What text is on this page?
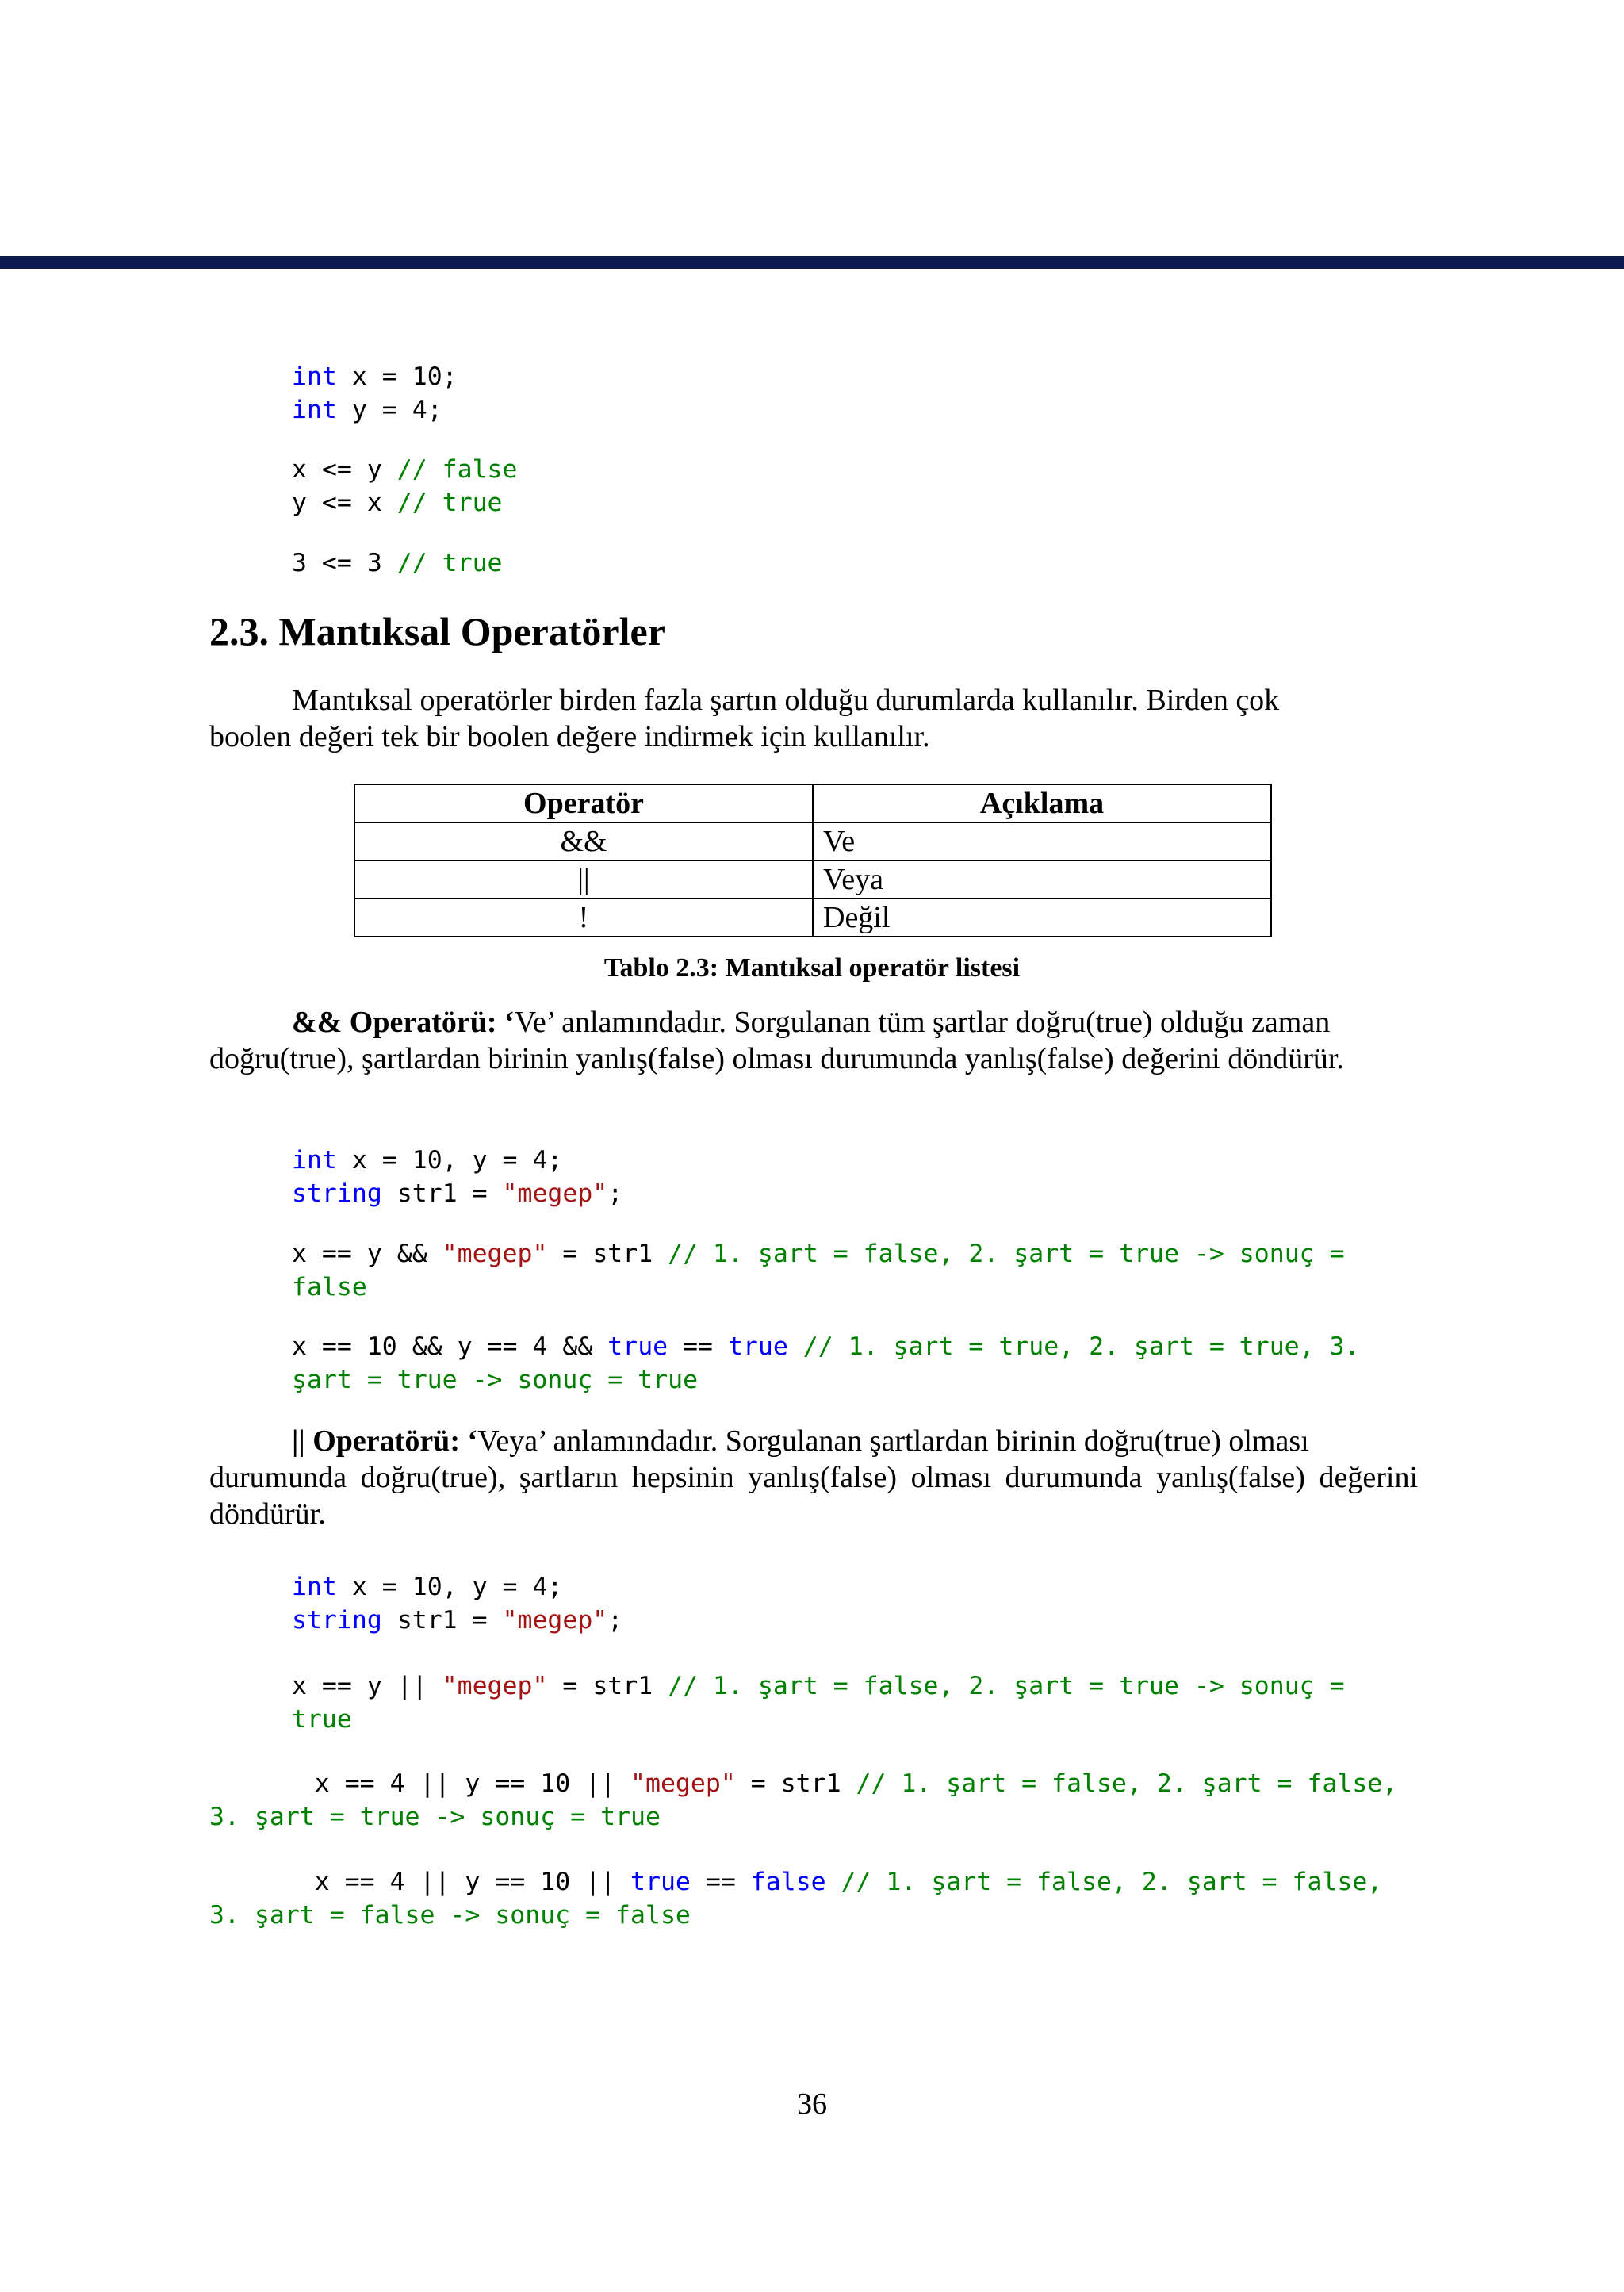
int x = 10;
int y = 4;
x <= y // false
y <= x // true
3 <= 3 // true
2.3. Mantıksal Operatörler

Mantıksal operatörler birden fazla şartın olduğu durumlarda kullanılır. Birden çok
boolen değeri tek bir boolen değere indirmek için kullanılır.

Operatör	Açıklama
&&	Ve
||	Veya
!	Değil
Tablo 2.3: Mantıksal operatör listesi

&& Operatörü: ‘Ve’ anlamındadır. Sorgulanan tüm şartlar doğru(true) olduğu zaman
doğru(true), şartlardan birinin yanlış(false) olması durumunda yanlış(false) değerini döndürür.

int x = 10, y = 4;
string str1 = "megep";
x == y && "megep" = str1 // 1. şart = false, 2. şart = true -> sonuç =
false
x == 10 && y == 4 && true == true // 1. şart = true, 2. şart = true, 3.
şart = true -> sonuç = true

|| Operatörü: ‘Veya’ anlamındadır. Sorgulanan şartlardan birinin doğru(true) olması
durumunda doğru(true), şartların hepsinin yanlış(false) olması durumunda yanlış(false) değerini döndürür.

int x = 10, y = 4;
string str1 = "megep";
x == y || "megep" = str1 // 1. şart = false, 2. şart = true -> sonuç =
true
x == 4 || y == 10 || "megep" = str1 // 1. şart = false, 2. şart = false,
3. şart = true -> sonuç = true
x == 4 || y == 10 || true == false // 1. şart = false, 2. şart = false,
3. şart = false -> sonuç = false
36
